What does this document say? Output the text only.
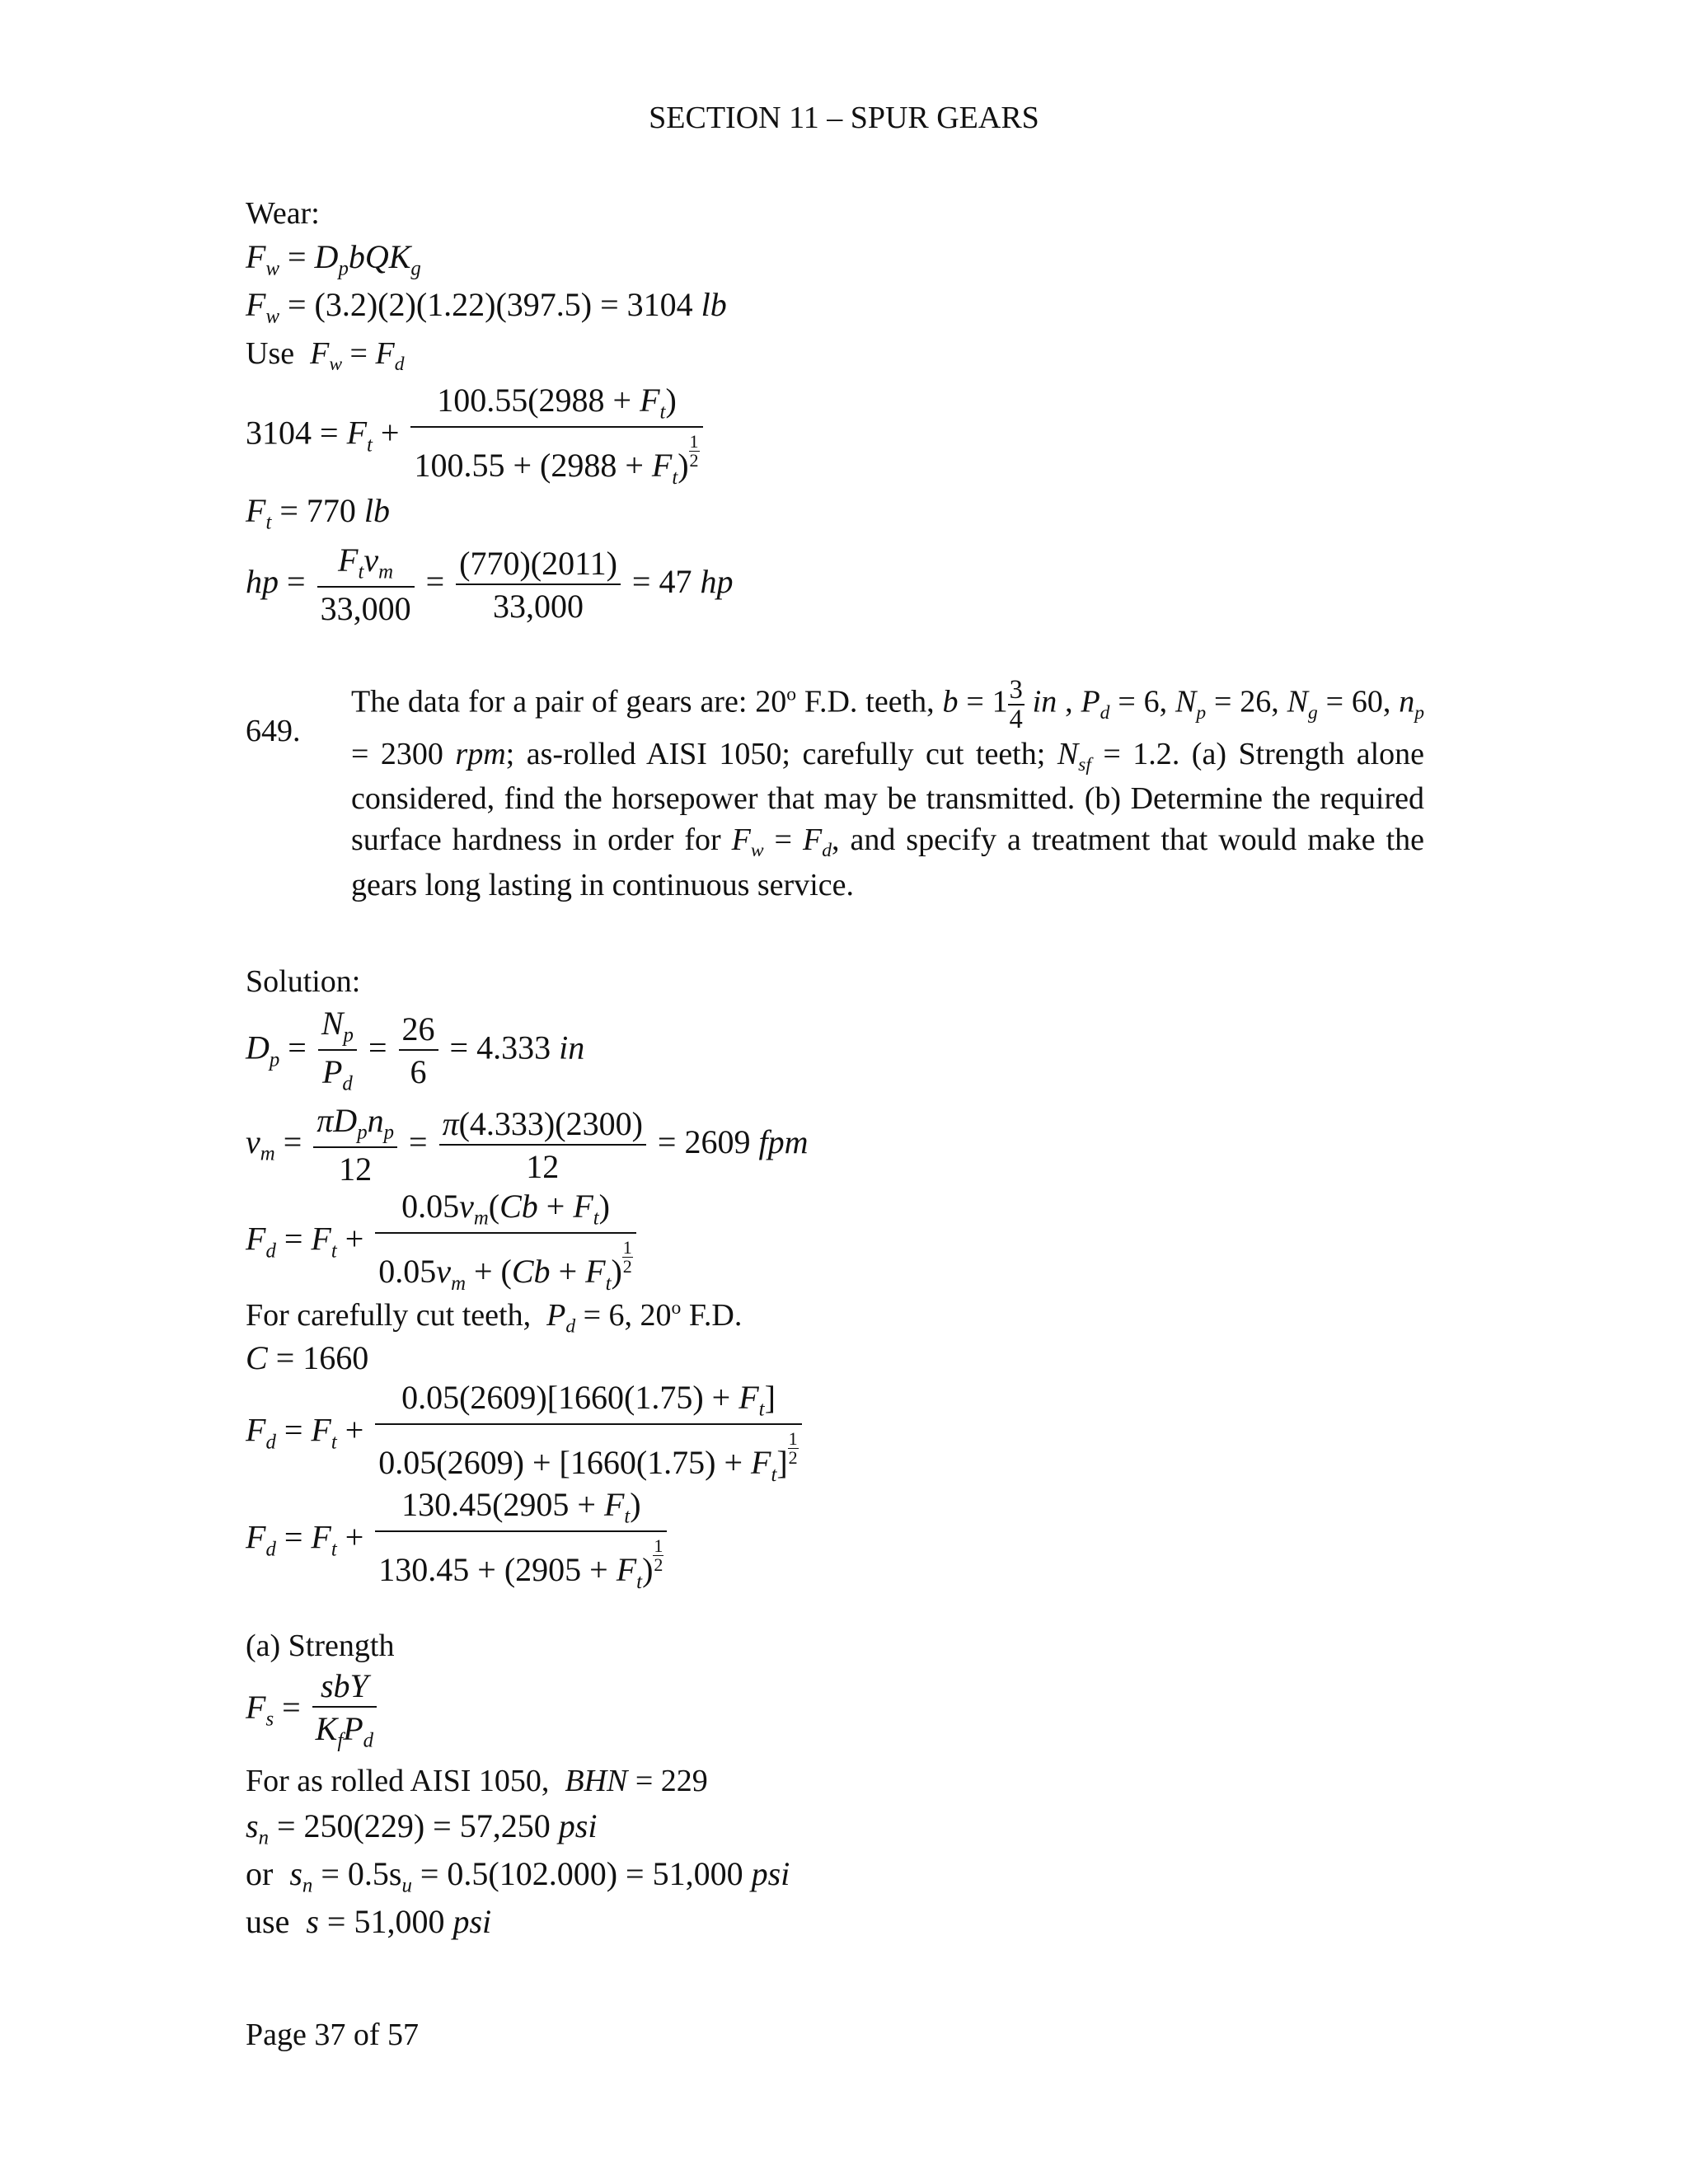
SECTION 11 – SPUR GEARS
Wear:
$F_w = D_pbQK_g$
$F_w = (3.2)(2)(1.22)(397.5) = 3104$ lb
Use $F_w = F_d$
$3104 = F_t + \frac{100.55(2988 + F_t)}{100.55 + (2988 + F_t) \frac{1}{2}}$
$F_t = 770$ lb
hp = $\frac{F_tv_m}{33,000} = \frac{(770)(2011)}{33,000} = 47$ hp
649.
The data for a pair of gears are: 20$^o$ F.D. teeth, $b = 1 \frac{3}{4}$ in , $P_d = 6$, $N_p = 26$, $N_g = 60$, $n_p = 2300$ rpm; as-rolled AISI 1050; carefully cut teeth; $N_{sf} = 1.2$. (a) Strength alone considered, find the horsepower that may be transmitted. (b) Determine the required surface hardness in order for $F_w = F_d$, and specify a treatment that would make the gears long lasting in continuous service.
Solution:
$D_p = \frac{N_p}{P_d} = \frac{26}{6} = 4.333$ in
$v_m = \frac{\pi D_pn_p}{12} = \frac{\pi(4.333)(2300)}{12} = 2609$ fpm
$F_d = F_t + \frac{0.05v_m(Cb + F_t)}{0.05v_m + (Cb + F_t) \frac{1}{2}}$
For carefully cut teeth, $P_d = 6$, 20$^o$ F.D.
C = 1660
$F_d = F_t + \frac{0.05(2609)[1660(1.75) + F_t]}{0.05(2609) + [1660(1.75) + F_t] \frac{1}{2}}$
$F_d = F_t + \frac{130.45(2905 + F_t)}{130.45 + (2905 + F_t) \frac{1}{2}}$
(a) Strength
$F_s = \frac{\text{sbY}}{K_fP_d}$
For as rolled AISI 1050, BHN = 229
$s_n = 250(229) = 57,250$ psi
or $s_n = 0.5s_u = 0.5(102.000) = 51,000$ psi
use s = 51,000 psi
Page 37 of 57
